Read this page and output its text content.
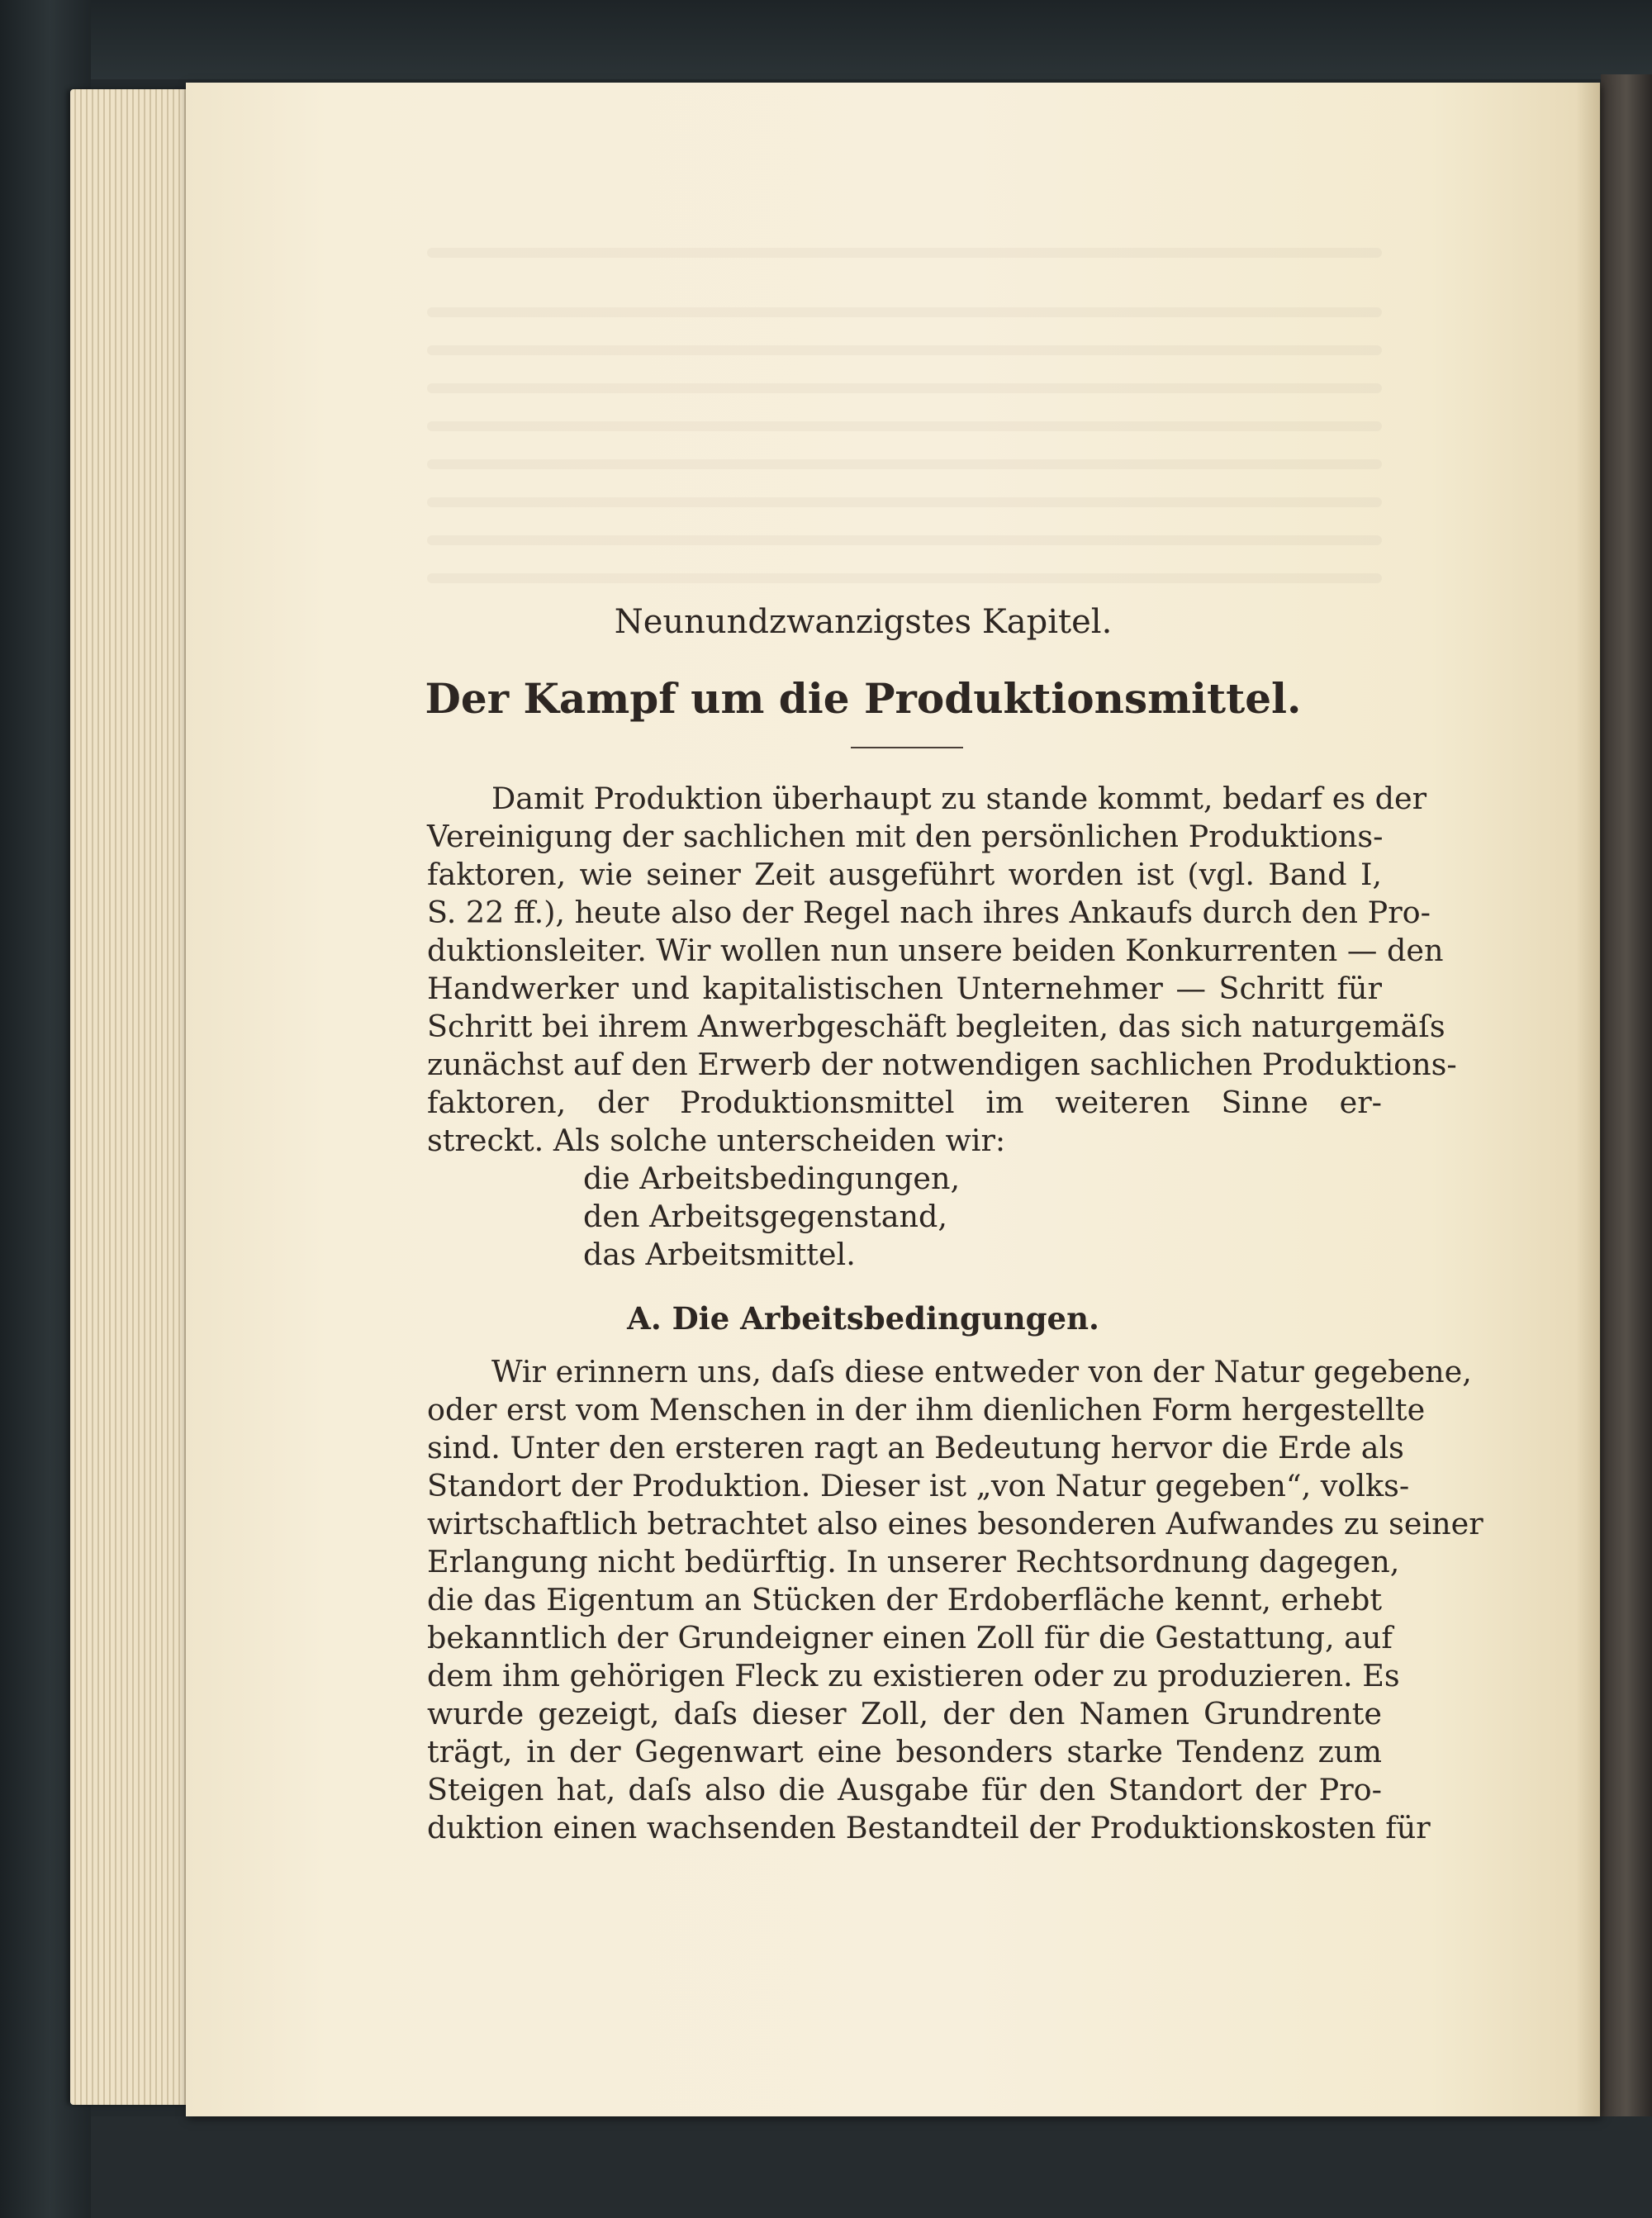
Neunundzwanzigstes Kapitel.
Der Kampf um die Produktionsmittel.
Damit Produktion überhaupt zu stande kommt, bedarf es der
Vereinigung der sachlichen mit den persönlichen Produktions-
faktoren, wie seiner Zeit ausgeführt worden ist (vgl. Band I,
S. 22 ff.), heute also der Regel nach ihres Ankaufs durch den Pro-
duktionsleiter. Wir wollen nun unsere beiden Konkurrenten — den
Handwerker und kapitalistischen Unternehmer — Schritt für
Schritt bei ihrem Anwerbgeschäft begleiten, das sich naturgemäſs
zunächst auf den Erwerb der notwendigen sachlichen Produktions-
faktoren, der Produktionsmittel im weiteren Sinne er-
streckt. Als solche unterscheiden wir:
die Arbeitsbedingungen,
den Arbeitsgegenstand,
das Arbeitsmittel.
A. Die Arbeitsbedingungen.
Wir erinnern uns, daſs diese entweder von der Natur gegebene,
oder erst vom Menschen in der ihm dienlichen Form hergestellte
sind. Unter den ersteren ragt an Bedeutung hervor die Erde als
Standort der Produktion. Dieser ist „von Natur gegeben“, volks-
wirtschaftlich betrachtet also eines besonderen Aufwandes zu seiner
Erlangung nicht bedürftig. In unserer Rechtsordnung dagegen,
die das Eigentum an Stücken der Erdoberfläche kennt, erhebt
bekanntlich der Grundeigner einen Zoll für die Gestattung, auf
dem ihm gehörigen Fleck zu existieren oder zu produzieren. Es
wurde gezeigt, daſs dieser Zoll, der den Namen Grundrente
trägt, in der Gegenwart eine besonders starke Tendenz zum
Steigen hat, daſs also die Ausgabe für den Standort der Pro-
duktion einen wachsenden Bestandteil der Produktionskosten für
